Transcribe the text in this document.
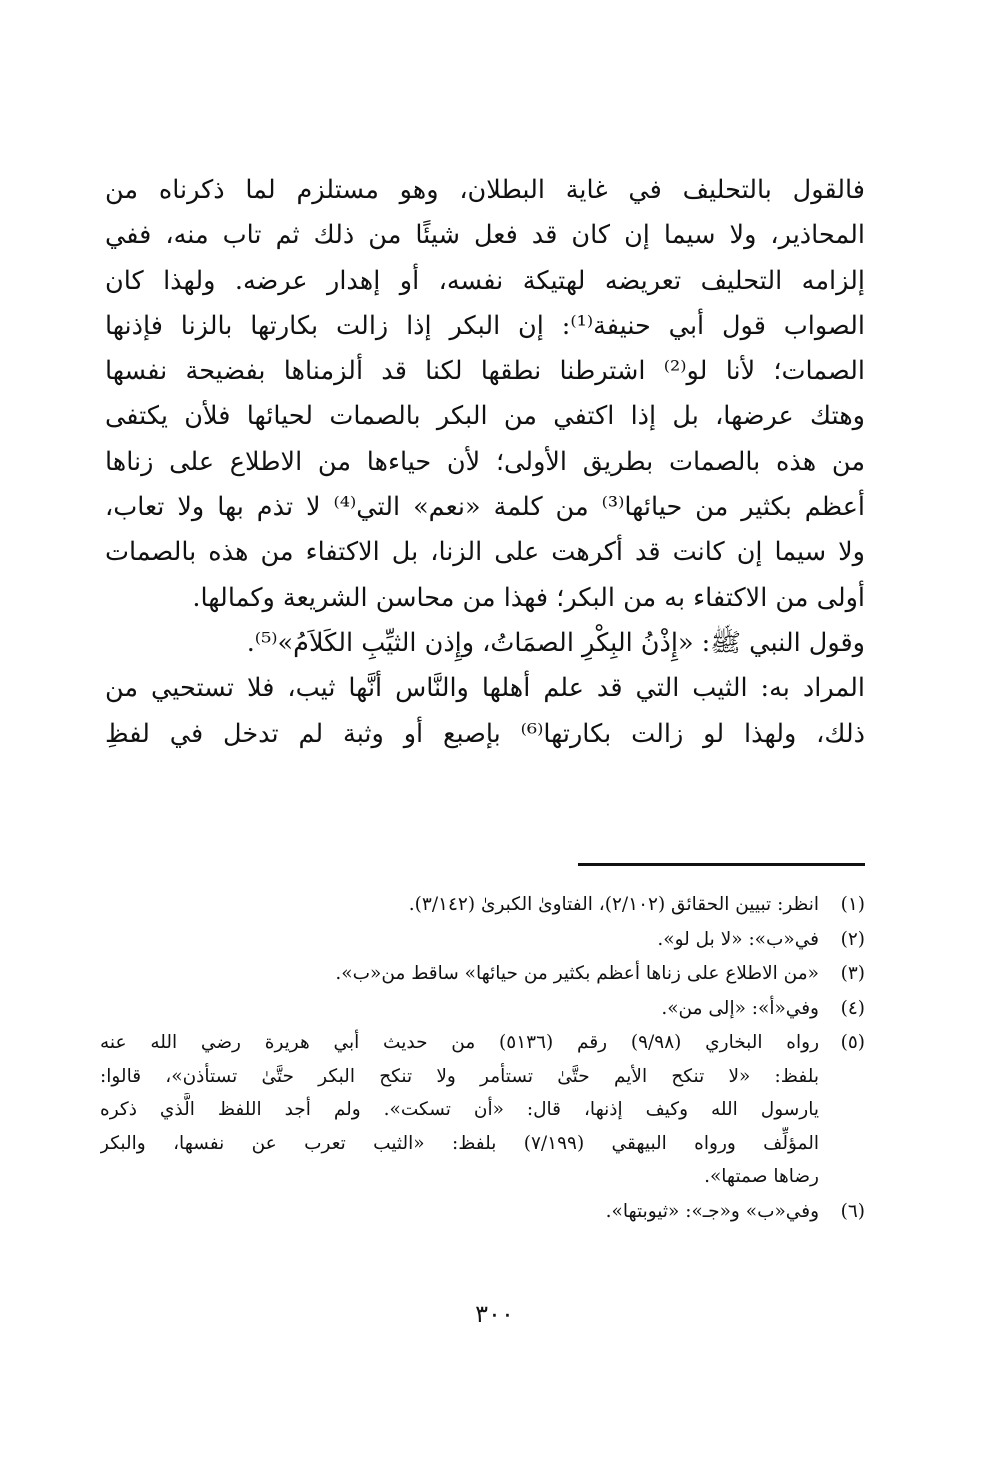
فالقول بالتحليف في غاية البطلان، وهو مستلزم لما ذكرناه من
المحاذير، ولا سيما إن كان قد فعل شيئًا من ذلك ثم تاب منه، ففي
إلزامه التحليف تعريضه لهتيكة نفسه، أو إهدار عرضه. ولهذا كان
الصواب قول أبي حنيفة⁽¹⁾: إن البكر إذا زالت بكارتها بالزنا فإذنها
الصمات؛ لأنا لو⁽²⁾ اشترطنا نطقها لكنا قد ألزمناها بفضيحة نفسها
وهتك عرضها، بل إذا اكتفي من البكر بالصمات لحيائها فلأن يكتفى
من هذه بالصمات بطريق الأولى؛ لأن حياءها من الاطلاع على زناها
أعظم بكثير من حيائها⁽³⁾ من كلمة «نعم» التي⁽⁴⁾ لا تذم بها ولا تعاب،
ولا سيما إن كانت قد أكرهت على الزنا، بل الاكتفاء من هذه بالصمات
أولى من الاكتفاء به من البكر؛ فهذا من محاسن الشريعة وكمالها.
وقول النبي ﷺ: «إِذْنُ البِكْرِ الصمَاتُ، وإِذن الثيِّبِ الكَلاَمُ»⁽⁵⁾.
المراد به: الثيب التي قد علم أهلها والنَّاس أنَّها ثيب، فلا تستحيي من
ذلك، ولهذا لو زالت بكارتها⁽⁶⁾ بإصبع أو وثبة لم تدخل في لفظِ
(١)
انظر: تبيين الحقائق (٢/١٠٢)، الفتاوىٰ الكبرىٰ (٣/١٤٢).
(٢)
في«ب»: «لا بل لو».
(٣)
«من الاطلاع على زناها أعظم بكثير من حيائها» ساقط من«ب».
(٤)
وفي«أ»: «إلى من».
(٥)
رواه البخاري (٩/٩٨) رقم (٥١٣٦) من حديث أبي هريرة رضي الله عنه
بلفظ: «لا تنكح الأيم حتَّىٰ تستأمر ولا تنكح البكر حتَّىٰ تستأذن»، قالوا:
يارسول الله وكيف إذنها، قال: «أن تسكت». ولم أجد اللفظ الَّذي ذكره
المؤلِّف ورواه البيهقي (٧/١٩٩) بلفظ: «الثيب تعرب عن نفسها، والبكر
رضاها صمتها».
(٦)
وفي«ب» و«جـ»: «ثيوبتها».
٣٠٠
